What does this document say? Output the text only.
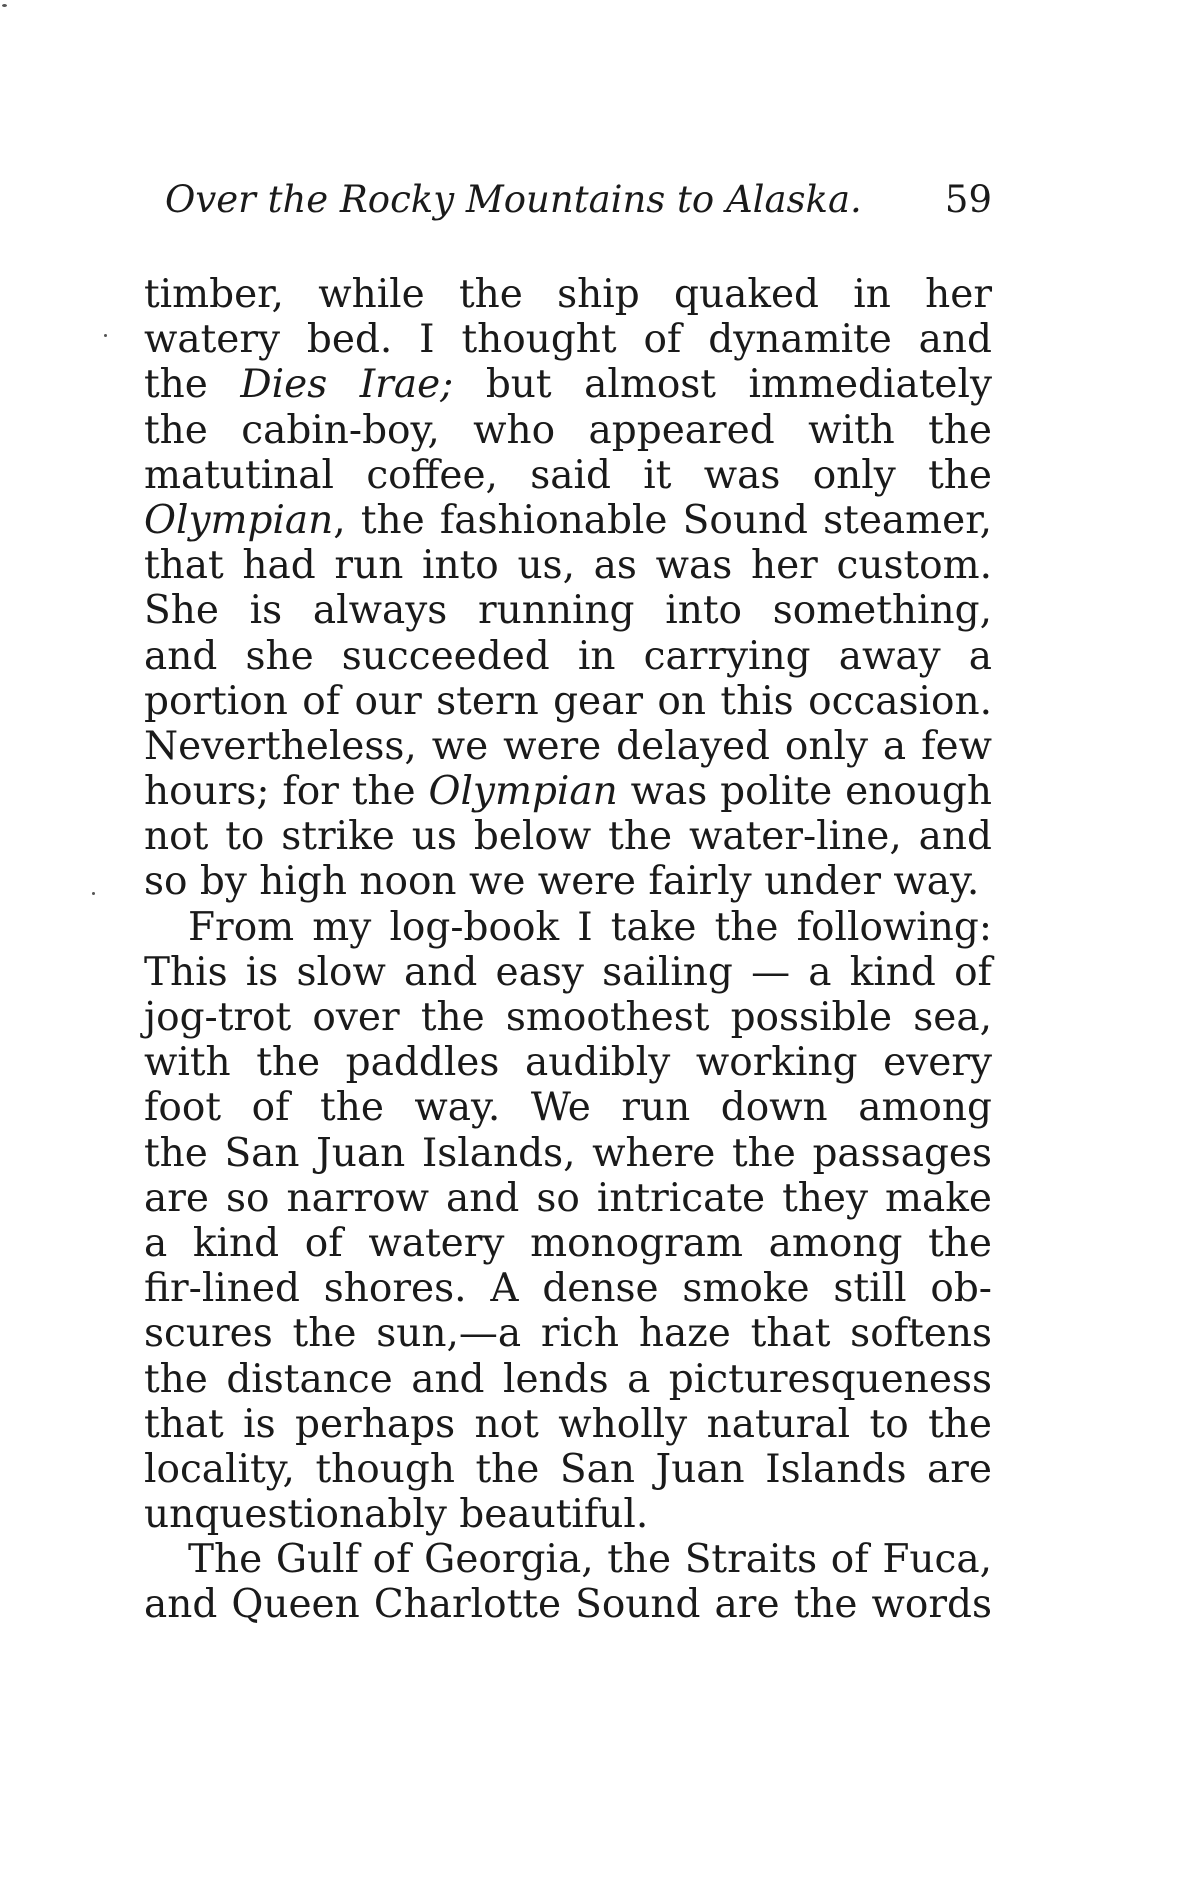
Over the Rocky Mountains to Alaska. 59
timber, while the ship quaked in her
watery bed. I thought of dynamite and
the Dies Irae; but almost immediately
the cabin-boy, who appeared with the
matutinal coffee, said it was only the
Olympian, the fashionable Sound steamer,
that had run into us, as was her custom.
She is always running into something,
and she succeeded in carrying away a
portion of our stern gear on this occasion.
Nevertheless, we were delayed only a few
hours; for the Olympian was polite enough
not to strike us below the water-line, and
so by high noon we were fairly under way.
From my log-book I take the following:
This is slow and easy sailing — a kind of
jog-trot over the smoothest possible sea,
with the paddles audibly working every
foot of the way. We run down among
the San Juan Islands, where the passages
are so narrow and so intricate they make
a kind of watery monogram among the
fir-lined shores. A dense smoke still ob-
scures the sun,—a rich haze that softens
the distance and lends a picturesqueness
that is perhaps not wholly natural to the
locality, though the San Juan Islands are
unquestionably beautiful.
The Gulf of Georgia, the Straits of Fuca,
and Queen Charlotte Sound are the words
